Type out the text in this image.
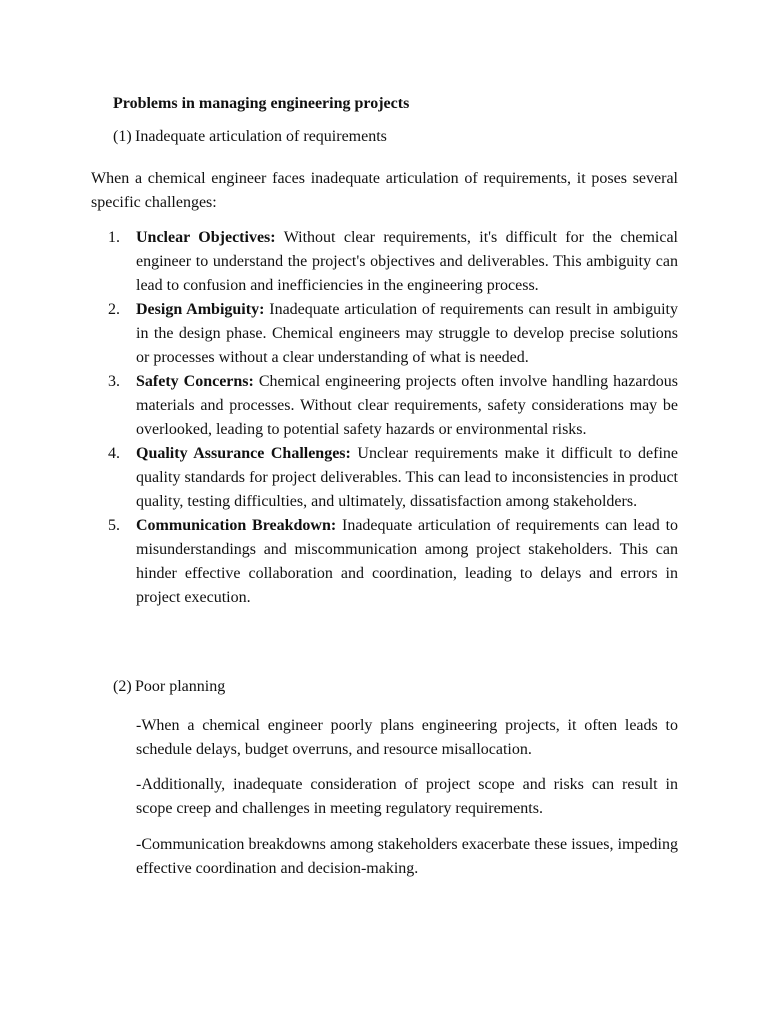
Problems in managing engineering projects
(1) Inadequate articulation of requirements
When a chemical engineer faces inadequate articulation of requirements, it poses several specific challenges:
1.	Unclear Objectives: Without clear requirements, it's difficult for the chemical engineer to understand the project's objectives and deliverables. This ambiguity can lead to confusion and inefficiencies in the engineering process.
2.	Design Ambiguity: Inadequate articulation of requirements can result in ambiguity in the design phase. Chemical engineers may struggle to develop precise solutions or processes without a clear understanding of what is needed.
3.	Safety Concerns: Chemical engineering projects often involve handling hazardous materials and processes. Without clear requirements, safety considerations may be overlooked, leading to potential safety hazards or environmental risks.
4.	Quality Assurance Challenges: Unclear requirements make it difficult to define quality standards for project deliverables. This can lead to inconsistencies in product quality, testing difficulties, and ultimately, dissatisfaction among stakeholders.
5.	Communication Breakdown: Inadequate articulation of requirements can lead to misunderstandings and miscommunication among project stakeholders. This can hinder effective collaboration and coordination, leading to delays and errors in project execution.
(2) Poor planning
-When a chemical engineer poorly plans engineering projects, it often leads to schedule delays, budget overruns, and resource misallocation.
-Additionally, inadequate consideration of project scope and risks can result in scope creep and challenges in meeting regulatory requirements.
-Communication breakdowns among stakeholders exacerbate these issues, impeding effective coordination and decision-making.
